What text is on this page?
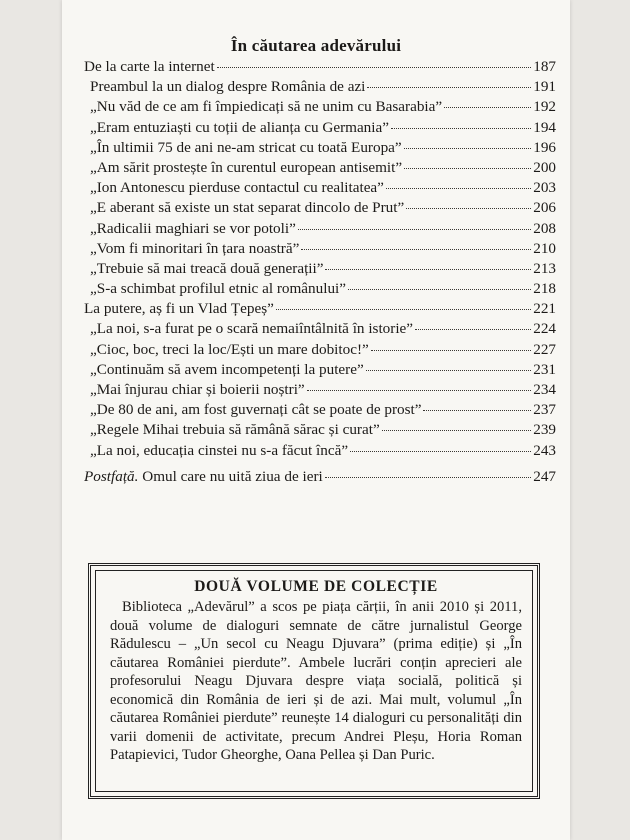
În căutarea adevărului
De la carte la internet	187
Preambul la un dialog despre România de azi	191
„Nu văd de ce am fi împiedicați să ne unim cu Basarabia”	192
„Eram entuziaști cu toții de alianța cu Germania”	194
„În ultimii 75 de ani ne-am stricat cu toată Europa”	196
„Am sărit prostește în curentul european antisemit”	200
„Ion Antonescu pierduse contactul cu realitatea”	203
„E aberant să existe un stat separat dincolo de Prut”	206
„Radicalii maghiari se vor potoli”	208
„Vom fi minoritari în țara noastră”	210
„Trebuie să mai treacă două generații”	213
„S-a schimbat profilul etnic al românului”	218
La putere, aș fi un Vlad Țepeș”	221
„La noi, s-a furat pe o scară nemaiîntâlnită în istorie”	224
„Cioc, boc, treci la loc/Ești un mare dobitoc!”	227
„Continuăm să avem incompetenți la putere”	231
„Mai înjurau chiar și boierii noștri”	234
„De 80 de ani, am fost guvernați cât se poate de prost”	237
„Regele Mihai trebuia să rămână sărac și curat”	239
„La noi, educația cinstei nu s-a făcut încă”	243
Postfață. Omul care nu uită ziua de ieri	247
DOUĂ VOLUME DE COLECȚIE
Biblioteca „Adevărul” a scos pe piața cărții, în anii 2010 și 2011, două volume de dialoguri semnate de către jurnalistul George Rădulescu – „Un secol cu Neagu Djuvara” (prima ediție) și „În căutarea României pierdute”. Ambele lucrări conțin aprecieri ale profesorului Neagu Djuvara despre viața socială, politică și economică din România de ieri și de azi. Mai mult, volumul „În căutarea României pierdute” reunește 14 dialoguri cu personalități din varii domenii de activitate, precum Andrei Pleșu, Horia Roman Patapievici, Tudor Gheorghe, Oana Pellea și Dan Puric.
